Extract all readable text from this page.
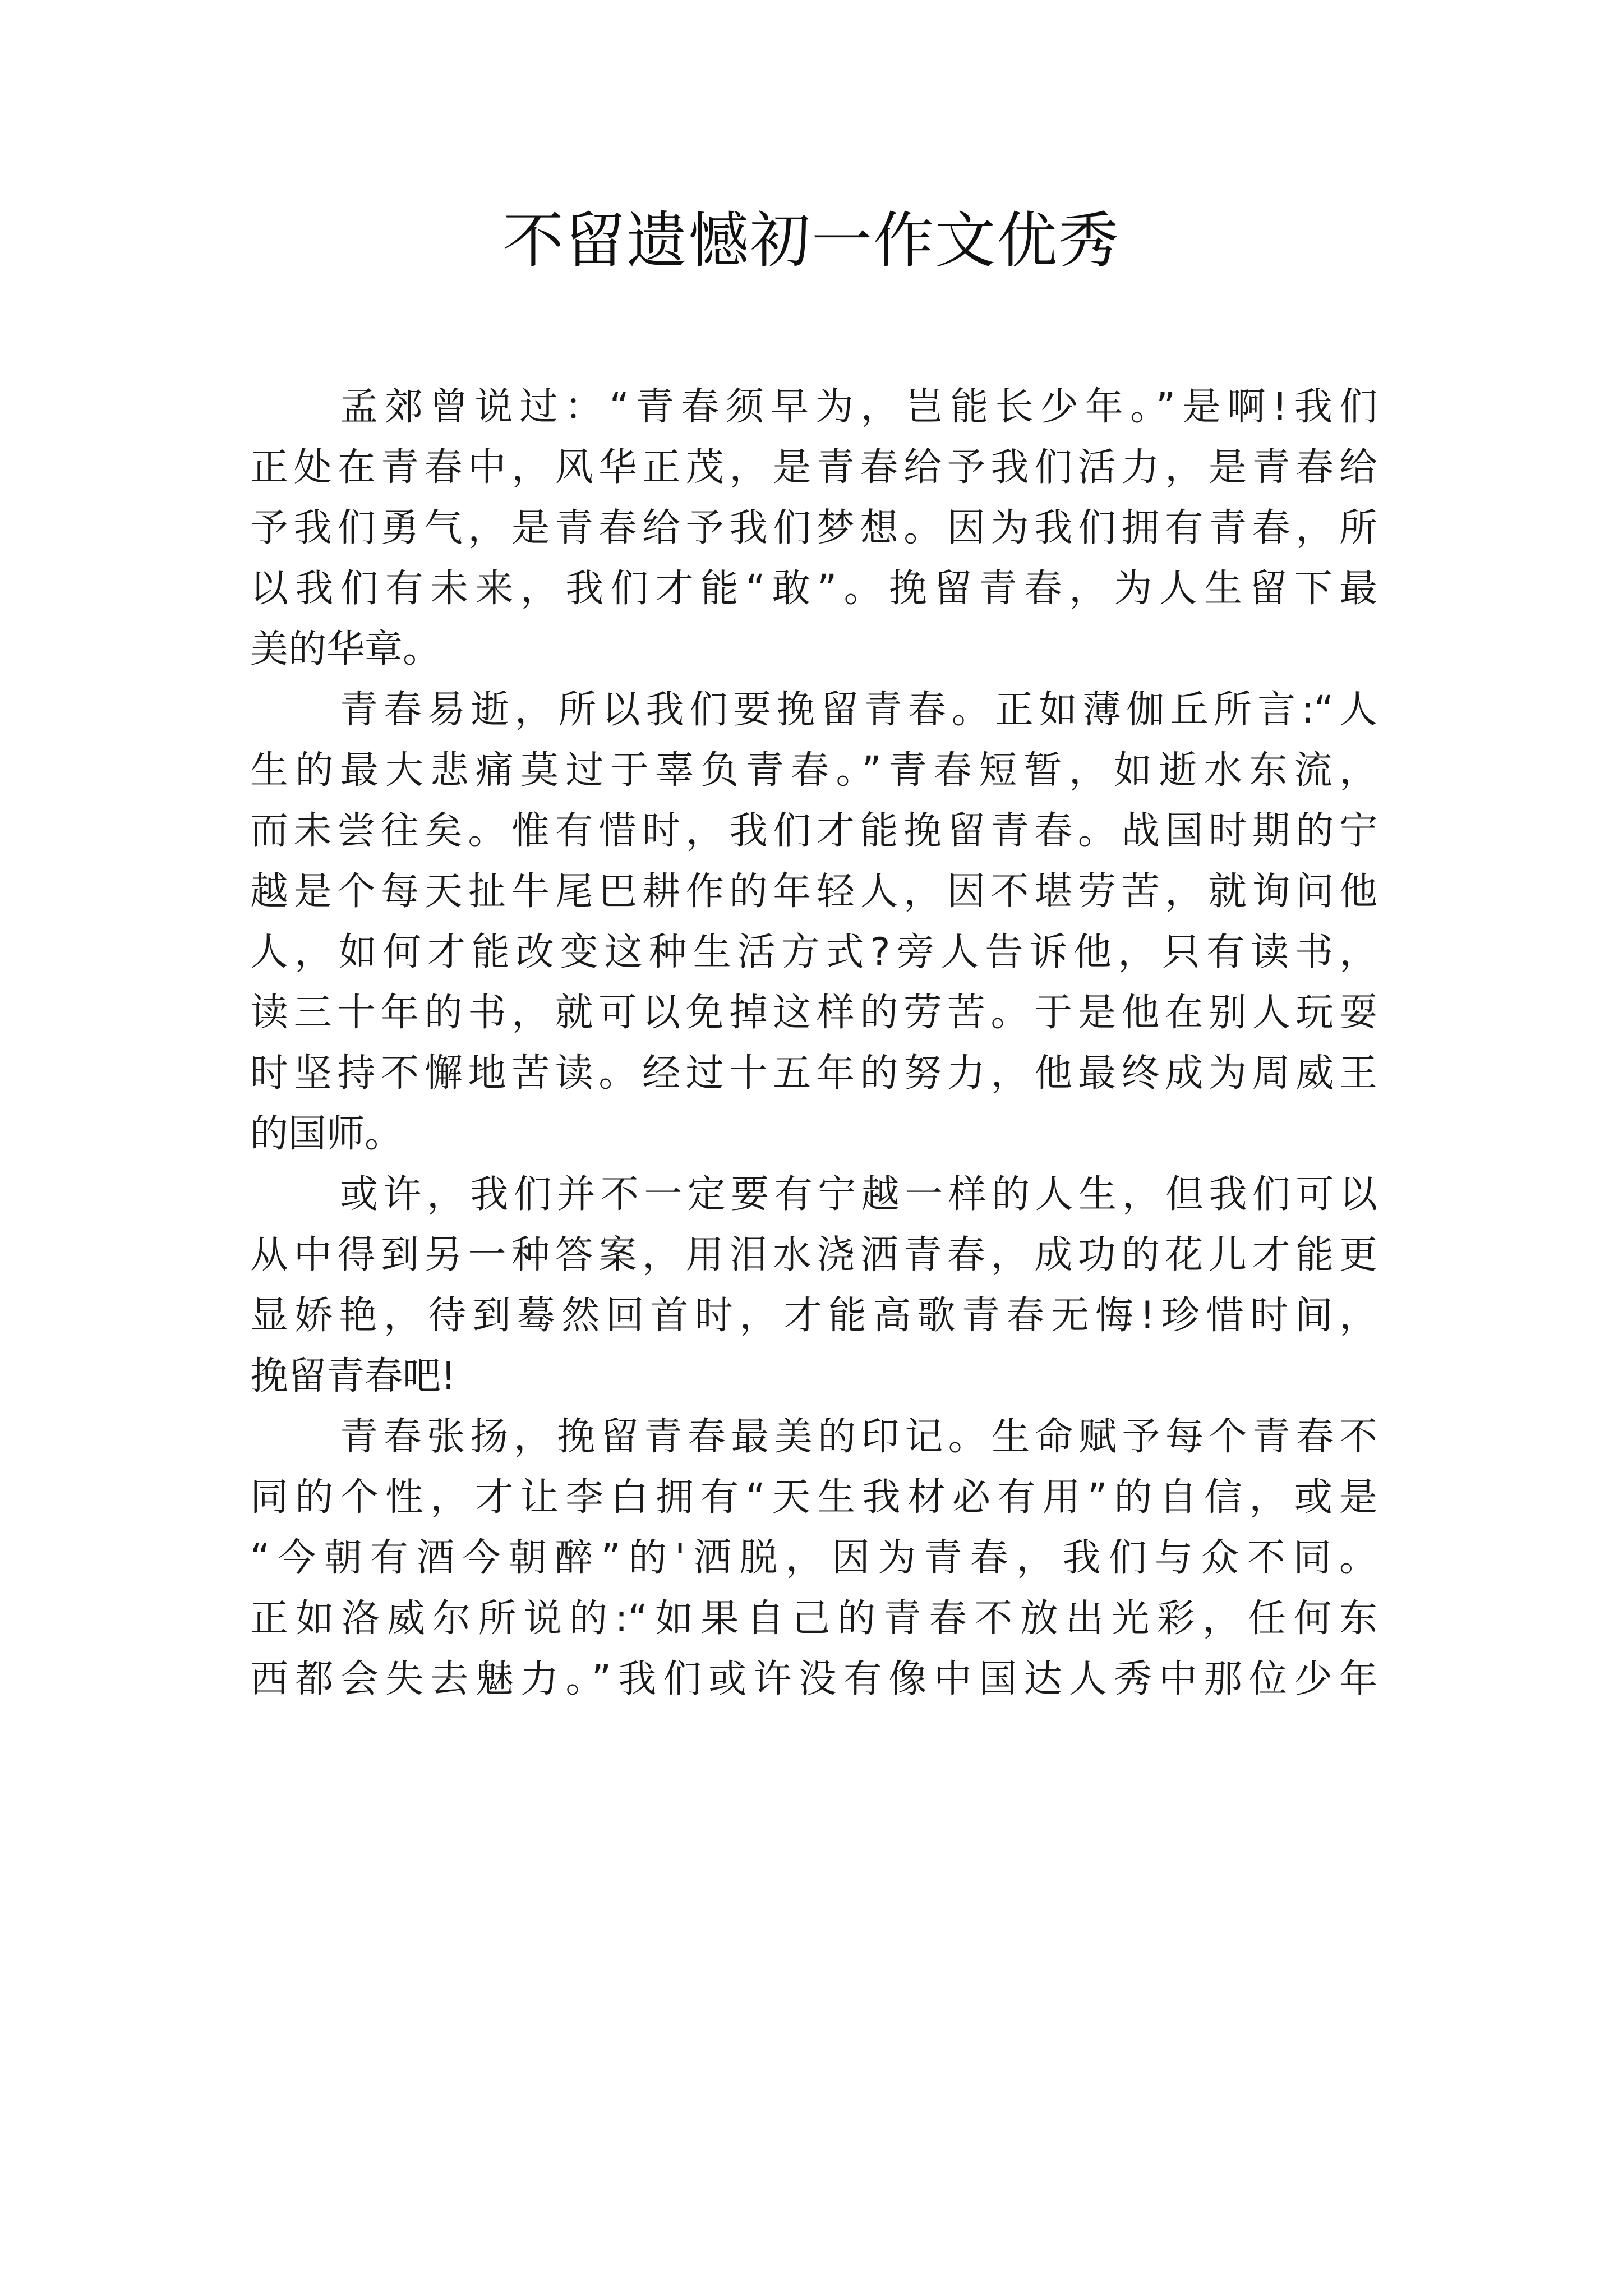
不留遗憾初一作文优秀
孟郊曾说过：“青春须早为，岂能长少年。”是啊!我们
正处在青春中，风华正茂，是青春给予我们活力，是青春给
予我们勇气，是青春给予我们梦想。因为我们拥有青春，所
以我们有未来，我们才能“敢”。挽留青春，为人生留下最
美的华章。
青春易逝，所以我们要挽留青春。正如薄伽丘所言:“人
生的最大悲痛莫过于辜负青春。”青春短暂，如逝水东流，
而未尝往矣。惟有惜时，我们才能挽留青春。战国时期的宁
越是个每天扯牛尾巴耕作的年轻人，因不堪劳苦，就询问他
人，如何才能改变这种生活方式?旁人告诉他，只有读书，
读三十年的书，就可以免掉这样的劳苦。于是他在别人玩耍
时坚持不懈地苦读。经过十五年的努力，他最终成为周威王
的国师。
或许，我们并不一定要有宁越一样的人生，但我们可以
从中得到另一种答案，用泪水浇洒青春，成功的花儿才能更
显娇艳，待到蓦然回首时，才能高歌青春无悔!珍惜时间，
挽留青春吧!
青春张扬，挽留青春最美的印记。生命赋予每个青春不
同的个性，才让李白拥有“天生我材必有用”的自信，或是
“今朝有酒今朝醉”的'洒脱，因为青春，我们与众不同。
正如洛威尔所说的:“如果自己的青春不放出光彩，任何东
西都会失去魅力。”我们或许没有像中国达人秀中那位少年
